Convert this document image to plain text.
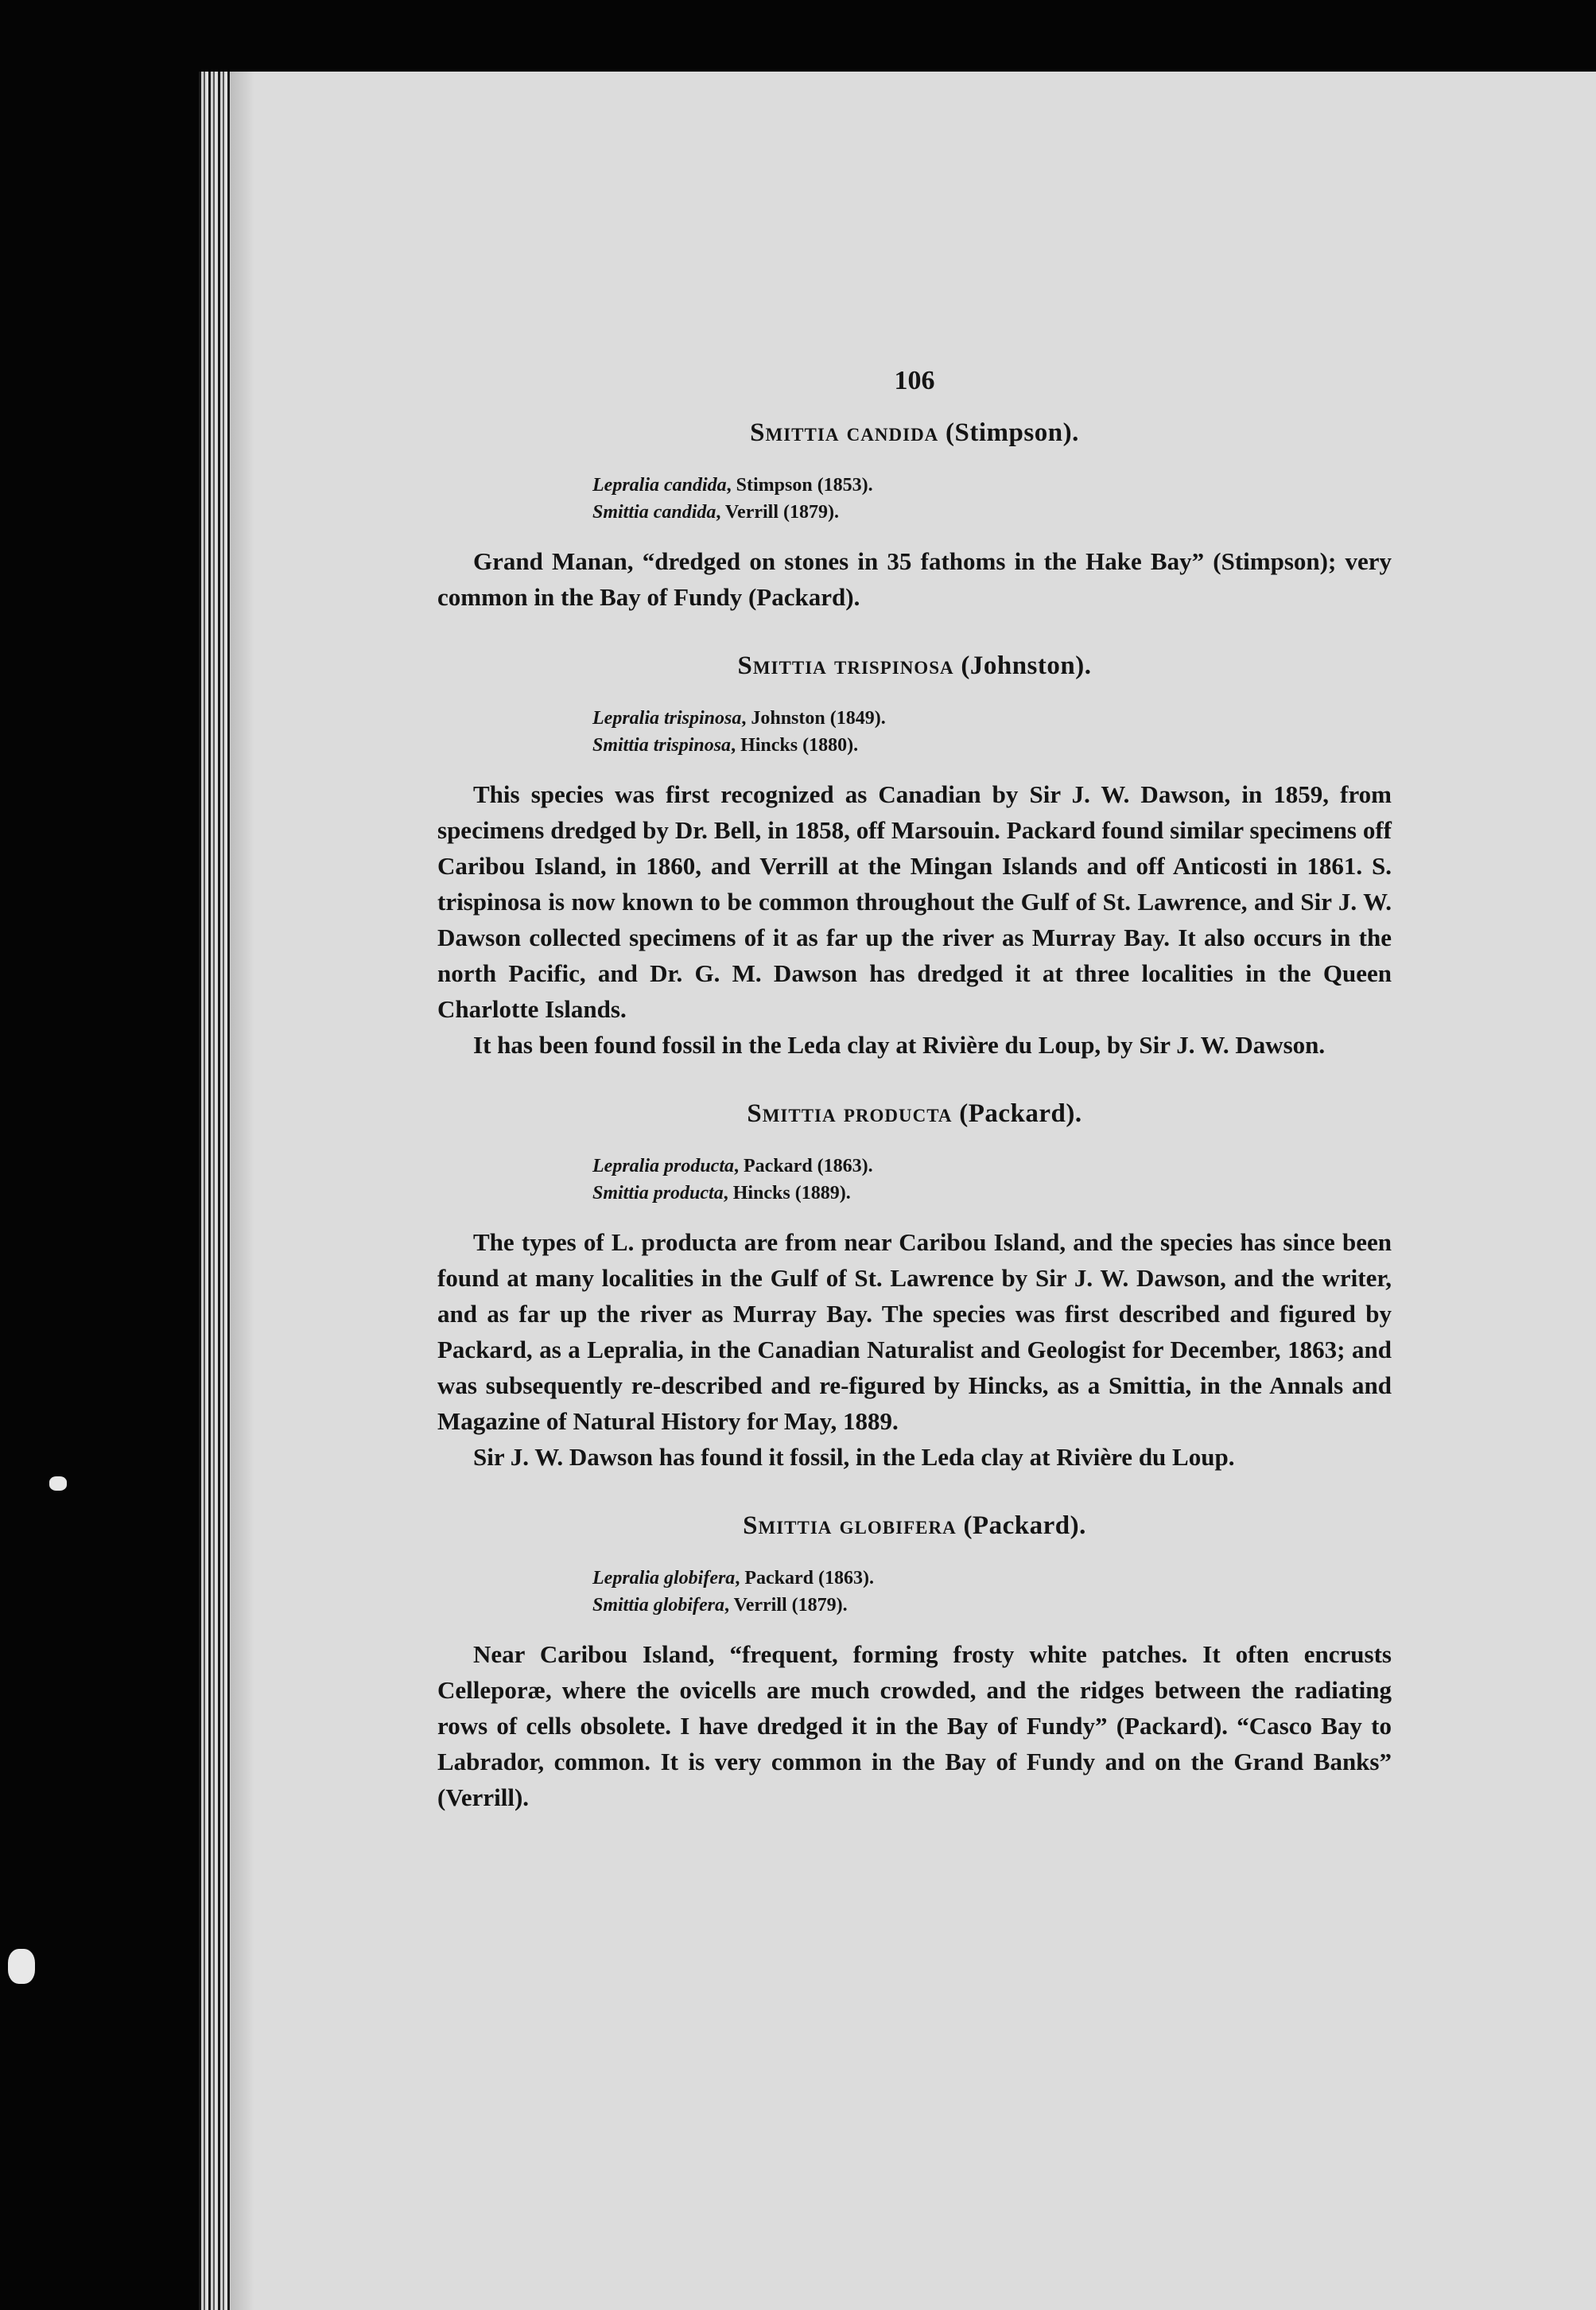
106
Smittia candida (Stimpson).
Lepralia candida, Stimpson (1853).
Smittia candida, Verrill (1879).

Grand Manan, “dredged on stones in 35 fathoms in the Hake Bay” (Stimpson); very common in the Bay of Fundy (Packard).

Smittia trispinosa (Johnston).
Lepralia trispinosa, Johnston (1849).
Smittia trispinosa, Hincks (1880).

This species was first recognized as Canadian by Sir J. W. Dawson, in 1859, from specimens dredged by Dr. Bell, in 1858, off Marsouin. Packard found similar specimens off Caribou Island, in 1860, and Verrill at the Mingan Islands and off Anticosti in 1861. S. trispinosa is now known to be common throughout the Gulf of St. Lawrence, and Sir J. W. Dawson collected specimens of it as far up the river as Murray Bay. It also occurs in the north Pacific, and Dr. G. M. Dawson has dredged it at three localities in the Queen Charlotte Islands.

It has been found fossil in the Leda clay at Rivière du Loup, by Sir J. W. Dawson.

Smittia producta (Packard).
Lepralia producta, Packard (1863).
Smittia producta, Hincks (1889).

The types of L. producta are from near Caribou Island, and the species has since been found at many localities in the Gulf of St. Lawrence by Sir J. W. Dawson, and the writer, and as far up the river as Murray Bay. The species was first described and figured by Packard, as a Lepralia, in the Canadian Naturalist and Geologist for December, 1863; and was subsequently re-described and re-figured by Hincks, as a Smittia, in the Annals and Magazine of Natural History for May, 1889.

Sir J. W. Dawson has found it fossil, in the Leda clay at Rivière du Loup.

Smittia globifera (Packard).
Lepralia globifera, Packard (1863).
Smittia globifera, Verrill (1879).

Near Caribou Island, “frequent, forming frosty white patches. It often encrusts Celleporæ, where the ovicells are much crowded, and the ridges between the radiating rows of cells obsolete. I have dredged it in the Bay of Fundy” (Packard). “Casco Bay to Labrador, common. It is very common in the Bay of Fundy and on the Grand Banks” (Verrill).
